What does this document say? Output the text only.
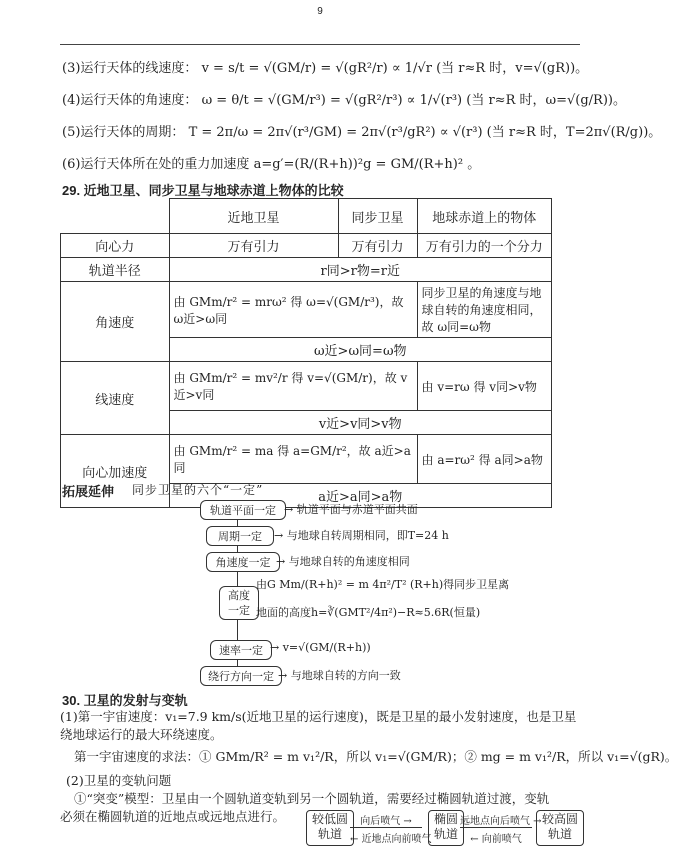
9
(3)运行天体的线速度： v = s/t = √(GM/r) = √(gR²/r) ∝ 1/√r (当 r≈R 时，v=√(gR))。
(4)运行天体的角速度： ω = θ/t = √(GM/r³) = √(gR²/r³) ∝ 1/√(r³) (当 r≈R 时，ω=√(g/R))。
(5)运行天体的周期： T = 2π/ω = 2π√(r³/GM) = 2π√(r³/gR²) ∝ √(r³) (当 r≈R 时，T=2π√(R/g))。
(6)运行天体所在处的重力加速度 a=g′=(R/(R+h))²g = GM/(R+h)² 。
29. 近地卫星、同步卫星与地球赤道上物体的比较
	近地卫星	同步卫星	地球赤道上的物体
向心力	万有引力	万有引力	万有引力的一个分力
轨道半径	r同>r物=r近		
角速度	由 GMm/r² = mrω² 得 ω=√(GM/r³)，故 ω近>ω同		同步卫星的角速度与地球自转的角速度相同，故 ω同=ω物
	ω近>ω同=ω物		
线速度	由 GMm/r² = mv²/r 得 v=√(GM/r)，故 v近>v同		由 v=rω 得 v同>v物
	v近>v同>v物		
向心加速度	由 GMm/r² = ma 得 a=GM/r²，故 a近>a同		由 a=rω² 得 a同>a物
	a近>a同>a物		
拓展延伸 同步卫星的六个“一定”
轨道平面一定 → 轨道平面与赤道平面共面
周期一定	→ 与地球自转周期相同，即T=24 h
角速度一定 → 与地球自转的角速度相同
高度一定
由G Mm/(R+h)² = m 4π²/T² (R+h)得同步卫星离
地面的高度h=∛(GMT²/4π²)−R≈5.6R(恒量)
速率一定 → v=√(GM/(R+h))
绕行方向一定 → 与地球自转的方向一致
30. 卫星的发射与变轨
(1)第一宇宙速度：v₁=7.9 km/s(近地卫星的运行速度)，既是卫星的最小发射速度，也是卫星
绕地球运行的最大环绕速度。
第一宇宙速度的求法：① GMm/R² = m v₁²/R，所以 v₁=√(GM/R)；② mg = m v₁²/R，所以 v₁=√(gR)。
(2)卫星的变轨问题
①“突变”模型：卫星由一个圆轨道变轨到另一个圆轨道，需要经过椭圆轨道过渡，变轨
必须在椭圆轨道的近地点或远地点进行。	较低圆
轨道
向后喷气 →
← 近地点向前喷气
椭圆
轨道
远地点向后喷气 →
← 向前喷气
较高圆
轨道
